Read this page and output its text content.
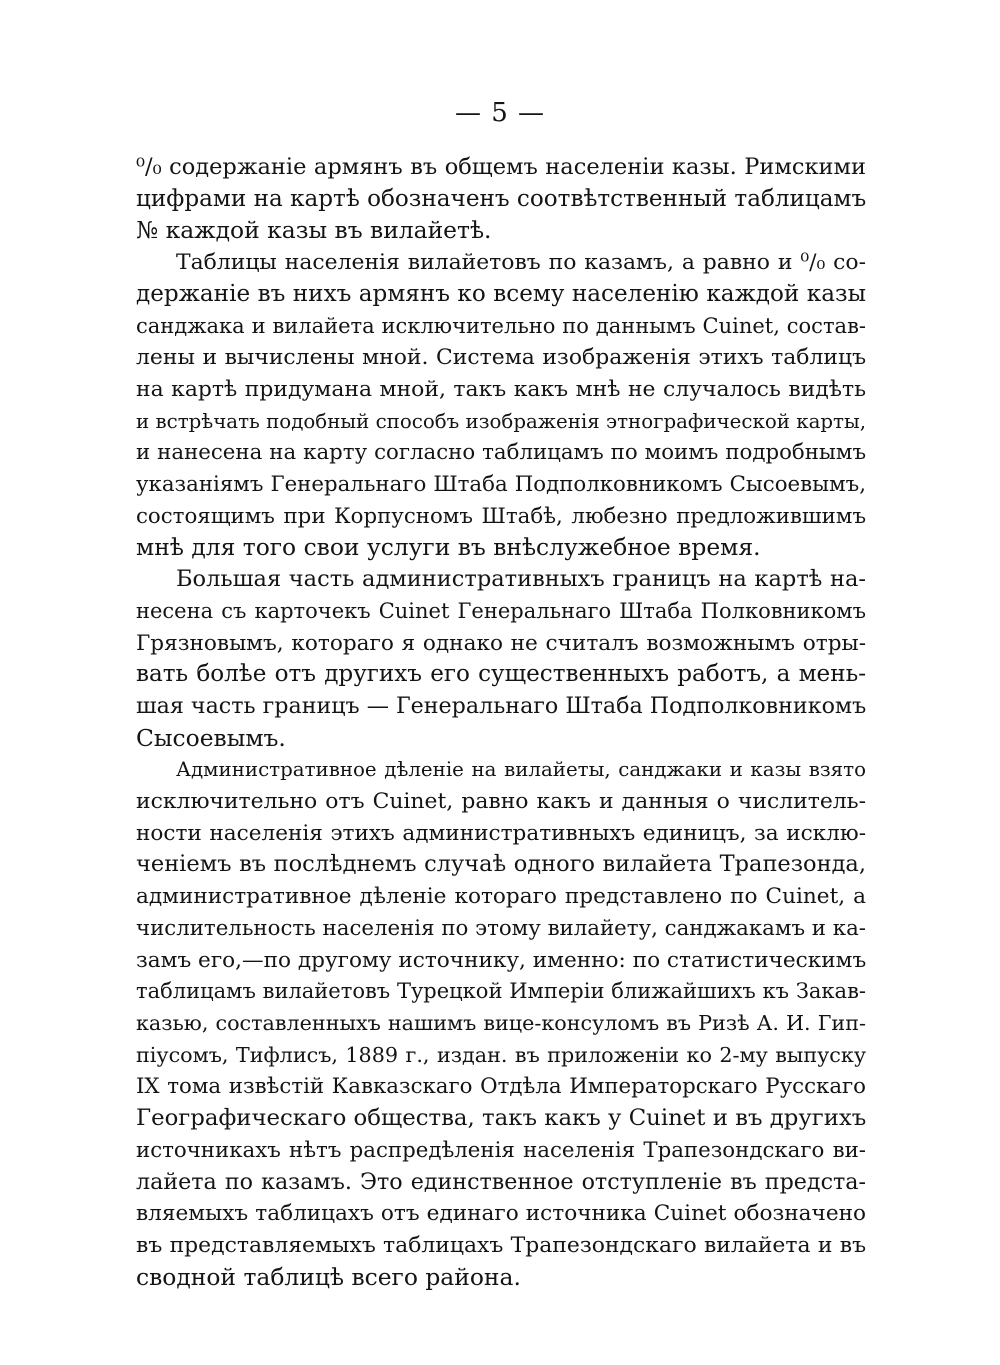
— 5 —

⁰/₀ содержаніе армянъ въ общемъ населеніи казы. Римскими
цифрами на картѣ обозначенъ соотвѣтственный таблицамъ
№ каждой казы въ вилайетѣ.

Таблицы населенія вилайетовъ по казамъ, а равно и ⁰/₀ со-
держаніе въ нихъ армянъ ко всему населенію каждой казы
санджака и вилайета исключительно по даннымъ Cuinet, состав-
лены и вычислены мной. Система изображенія этихъ таблицъ
на картѣ придумана мной, такъ какъ мнѣ не случалось видѣть
и встрѣчать подобный способъ изображенія этнографической карты,
и нанесена на карту согласно таблицамъ по моимъ подробнымъ
указаніямъ Генеральнаго Штаба Подполковникомъ Сысоевымъ,
состоящимъ при Корпусномъ Штабѣ, любезно предложившимъ
мнѣ для того свои услуги въ внѣслужебное время.

Большая часть административныхъ границъ на картѣ на-
несена съ карточекъ Cuinet Генеральнаго Штаба Полковникомъ
Грязновымъ, котораго я однако не считалъ возможнымъ отры-
вать болѣе отъ другихъ его существенныхъ работъ, а мень-
шая часть границъ — Генеральнаго Штаба Подполковникомъ
Сысоевымъ.

Административное дѣленіе на вилайеты, санджаки и казы взято
исключительно отъ Cuinet, равно какъ и данныя о числитель-
ности населенія этихъ административныхъ единицъ, за исклю-
ченіемъ въ послѣднемъ случаѣ одного вилайета Трапезонда,
административное дѣленіе котораго представлено по Cuinet, а
числительность населенія по этому вилайету, санджакамъ и ка-
замъ его,—по другому источнику, именно: по статистическимъ
таблицамъ вилайетовъ Турецкой Имперіи ближайшихъ къ Закав-
казью, составленныхъ нашимъ вице-консуломъ въ Ризѣ А. И. Гип-
піусомъ, Тифлисъ, 1889 г., издан. въ приложеніи ко 2-му выпуску
IX тома извѣстій Кавказскаго Отдѣла Императорскаго Русскаго
Географическаго общества, такъ какъ у Cuinet и въ другихъ
источникахъ нѣтъ распредѣленія населенія Трапезондскаго ви-
лайета по казамъ. Это единственное отступленіе въ предста-
вляемыхъ таблицахъ отъ единаго источника Cuinet обозначено
въ представляемыхъ таблицахъ Трапезондскаго вилайета и въ
сводной таблицѣ всего района.
